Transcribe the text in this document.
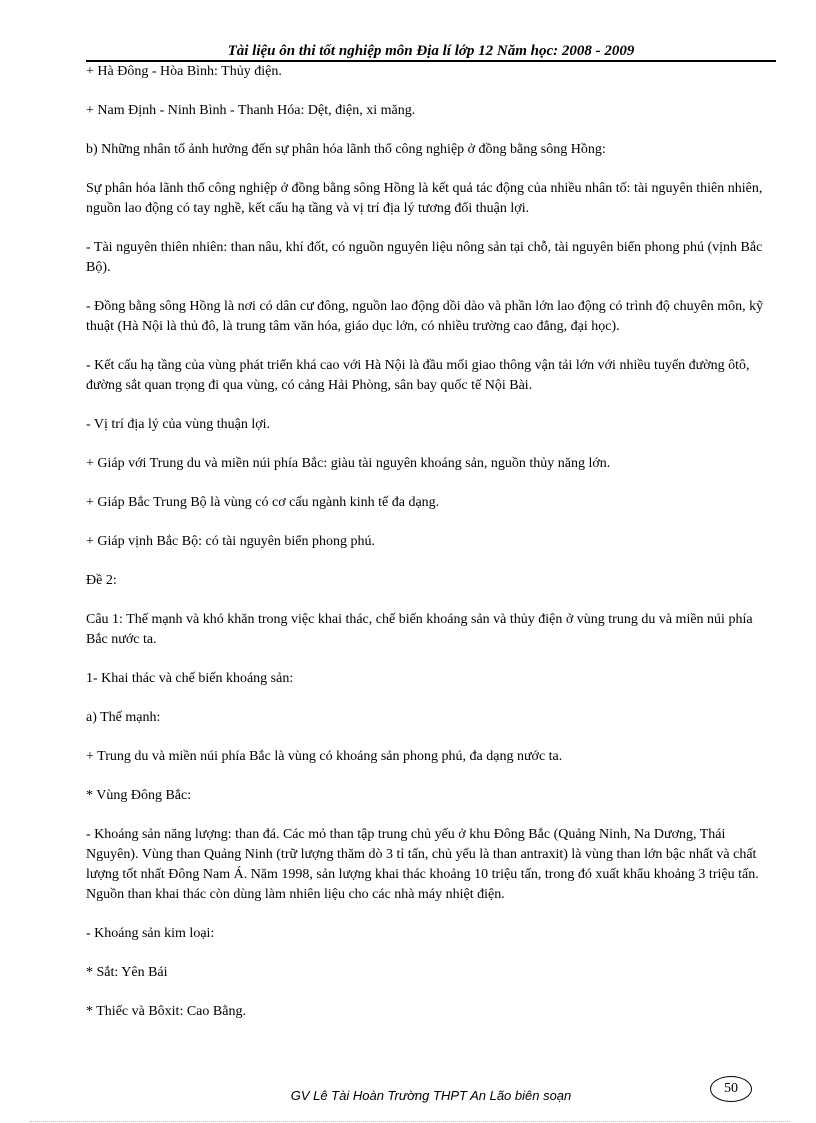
Tài liệu ôn thi tốt nghiệp môn Địa lí lớp 12 Năm học: 2008 - 2009

+ Hà Đông - Hòa Bình: Thủy điện.

+ Nam Định - Ninh Bình - Thanh Hóa: Dệt, điện, xi măng.

b) Những nhân tố ảnh hưởng đến sự phân hóa lãnh thổ công nghiệp ở đồng bằng sông Hồng:

Sự phân hóa lãnh thổ công nghiệp ở đồng bằng sông Hồng là kết quả tác động của nhiều nhân tố: tài nguyên thiên nhiên, nguồn lao động có tay nghề, kết cấu hạ tầng và vị trí địa lý tương đối thuận lợi.

- Tài nguyên thiên nhiên: than nâu, khí đốt, có nguồn nguyên liệu nông sản tại chỗ, tài nguyên biển phong phú (vịnh Bắc Bộ).

- Đồng bằng sông Hồng là nơi có dân cư đông, nguồn lao động dồi dào và phần lớn lao động có trình độ chuyên môn, kỹ thuật (Hà Nội là thủ đô, là trung tâm văn hóa, giáo dục lớn, có nhiều trường cao đẳng, đại học).

- Kết cấu hạ tầng của vùng phát triển khá cao với Hà Nội là đầu mối giao thông vận tải lớn với nhiều tuyến đường ôtô, đường sắt quan trọng đi qua vùng, có cảng Hải Phòng, sân bay quốc tế Nội Bài.

- Vị trí địa lý của vùng thuận lợi.

+ Giáp với Trung du và miền núi phía Bắc: giàu tài nguyên khoáng sản, nguồn thủy năng lớn.

+ Giáp Bắc Trung Bộ là vùng có cơ cấu ngành kinh tế đa dạng.

+ Giáp vịnh Bắc Bộ: có tài nguyên biển phong phú.

Đề 2:

Câu 1: Thế mạnh và khó khăn trong việc khai thác, chế biến khoáng sản và thủy điện ở vùng trung du và miền núi phía Bắc nước ta.

1- Khai thác và chế biến khoáng sản:

a) Thế mạnh:

+ Trung du và miền núi phía Bắc là vùng có khoáng sản phong phú, đa dạng nước ta.

* Vùng Đông Bắc:

- Khoáng sản năng lượng: than đá. Các mỏ than tập trung chủ yếu ở khu Đông Bắc (Quảng Ninh, Na Dương, Thái Nguyên). Vùng than Quảng Ninh (trữ lượng thăm dò 3 tỉ tấn, chủ yếu là than antraxit) là vùng than lớn bậc nhất và chất lượng tốt nhất Đông Nam Á. Năm 1998, sản lượng khai thác khoảng 10 triệu tấn, trong đó xuất khẩu khoảng 3 triệu tấn. Nguồn than khai thác còn dùng làm nhiên liệu cho các nhà máy nhiệt điện.

- Khoáng sản kim loại:

* Sắt: Yên Bái

* Thiếc và Bôxit: Cao Bằng.

GV Lê Tài Hoàn Trường THPT An Lão biên soạn	50
